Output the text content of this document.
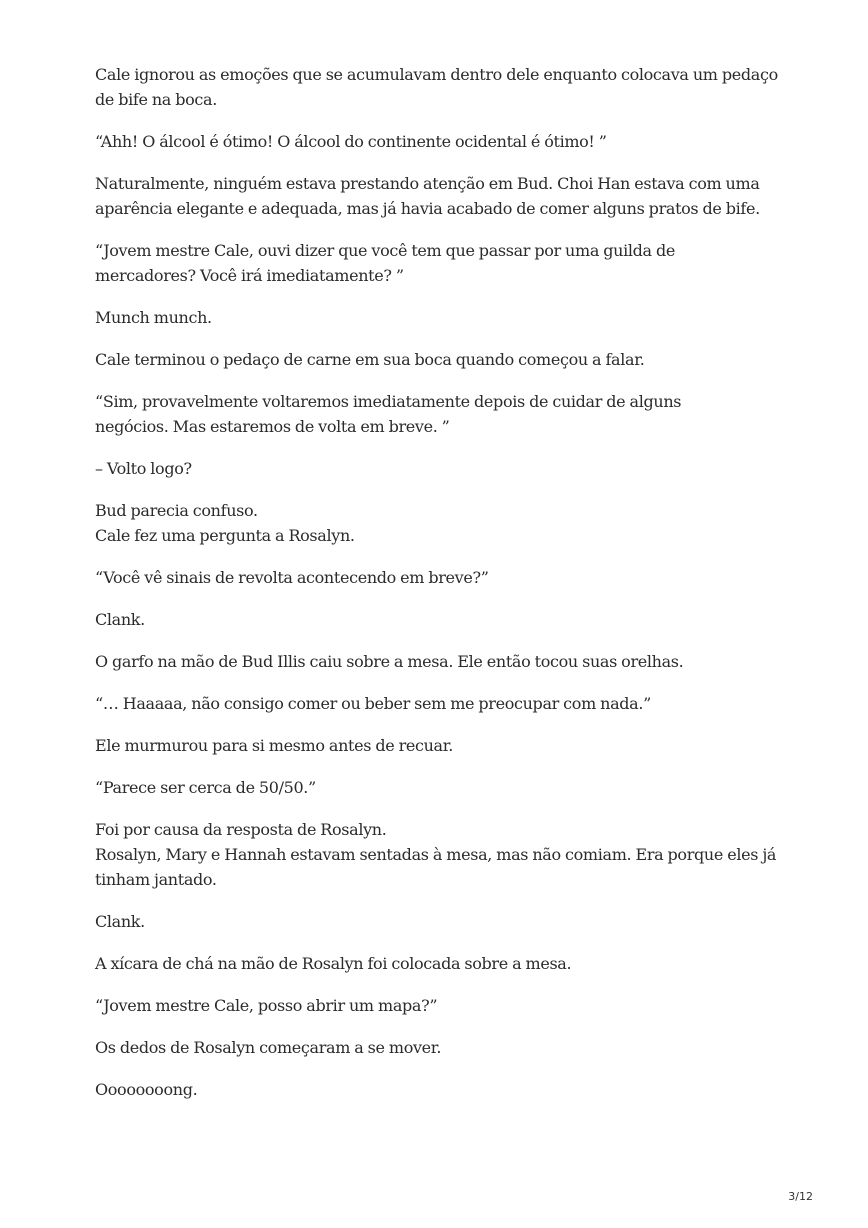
Cale ignorou as emoções que se acumulavam dentro dele enquanto colocava um pedaço
de bife na boca.

“Ahh! O álcool é ótimo! O álcool do continente ocidental é ótimo! ”

Naturalmente, ninguém estava prestando atenção em Bud. Choi Han estava com uma
aparência elegante e adequada, mas já havia acabado de comer alguns pratos de bife.

“Jovem mestre Cale, ouvi dizer que você tem que passar por uma guilda de
mercadores? Você irá imediatamente? ”

Munch munch.

Cale terminou o pedaço de carne em sua boca quando começou a falar.

“Sim, provavelmente voltaremos imediatamente depois de cuidar de alguns
negócios. Mas estaremos de volta em breve. ”

– Volto logo?

Bud parecia confuso.
Cale fez uma pergunta a Rosalyn.

“Você vê sinais de revolta acontecendo em breve?”

Clank.

O garfo na mão de Bud Illis caiu sobre a mesa. Ele então tocou suas orelhas.

“… Haaaaa, não consigo comer ou beber sem me preocupar com nada.”

Ele murmurou para si mesmo antes de recuar.

“Parece ser cerca de 50/50.”

Foi por causa da resposta de Rosalyn.
Rosalyn, Mary e Hannah estavam sentadas à mesa, mas não comiam. Era porque eles já
tinham jantado.

Clank.

A xícara de chá na mão de Rosalyn foi colocada sobre a mesa.

“Jovem mestre Cale, posso abrir um mapa?”

Os dedos de Rosalyn começaram a se mover.

Oooooooong.

3/12
